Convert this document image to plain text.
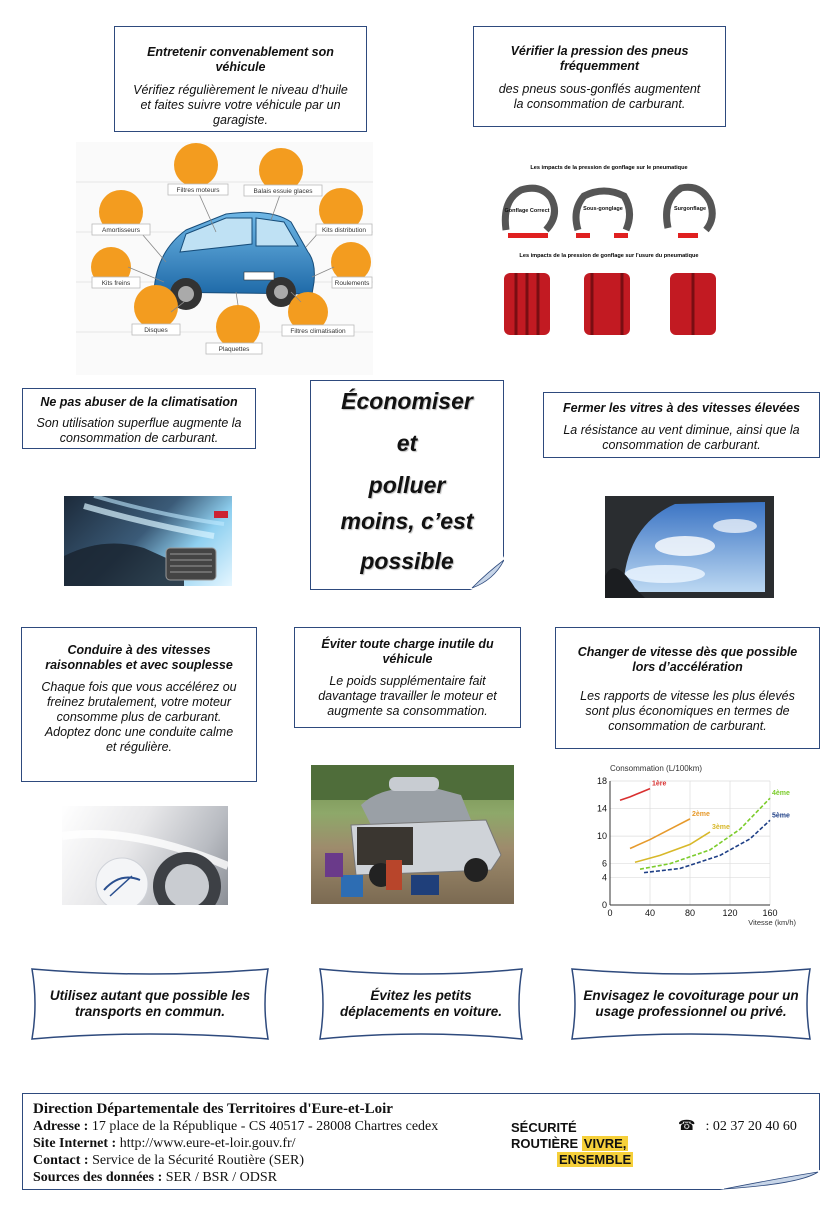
Entretenir convenablement son véhicule
Vérifiez régulièrement le niveau d’huile et faites suivre votre véhicule par un garagiste.
Vérifier la pression des pneus fréquemment
des pneus sous-gonflés augmentent la consommation de carburant.
Filtres moteurs	Balais essuie glaces
Amortisseurs	Kits distribution
Kits freins	Roulements
Disques
Plaquettes
Filtres climatisation
Les impacts de la pression de gonflage sur le pneumatique
Gonflage Correct	Sous-gonglage	Surgonflage
Les impacts de la pression de gonflage sur l'usure du pneumatique
Ne pas abuser de la climatisation
Son utilisation superflue augmente la consommation de carburant.
Économiser
et
polluer
moins, c’est
possible
Fermer les vitres à des vitesses élevées
La résistance au vent diminue, ainsi que la consommation de carburant.
Conduire à des vitesses raisonnables et avec souplesse
Chaque fois que vous accélérez ou freinez brutalement, votre moteur consomme plus de carburant. Adoptez donc une conduite calme et régulière.
Éviter toute charge inutile du véhicule
Le poids supplémentaire fait davantage travailler le moteur et augmente sa consommation.
Changer de vitesse dès que possible lors d’accélération
Les rapports de vitesse les plus élevés sont plus économiques en termes de consommation de carburant.
Consommation (L/100km)
0	40	80	120	160
0
4
6
10
14
18	1ère
2ème
3ème
4ème
5ème
Vitesse (km/h)
Utilisez autant que possible les transports en commun.
Évitez les petits déplacements en voiture.
Envisagez le covoiturage pour un usage professionnel ou privé.
Direction Départementale des Territoires d'Eure-et-Loir
Adresse : 17 place de la République - CS 40517 - 28008 Chartres cedex
Site Internet : http://www.eure-et-loir.gouv.fr/
Contact : Service de la Sécurité Routière (SER)
Sources des données : SER / BSR / ODSR
SÉCURITÉ
ROUTIÈRE VIVRE,
ENSEMBLE
☎ : 02 37 20 40 60
